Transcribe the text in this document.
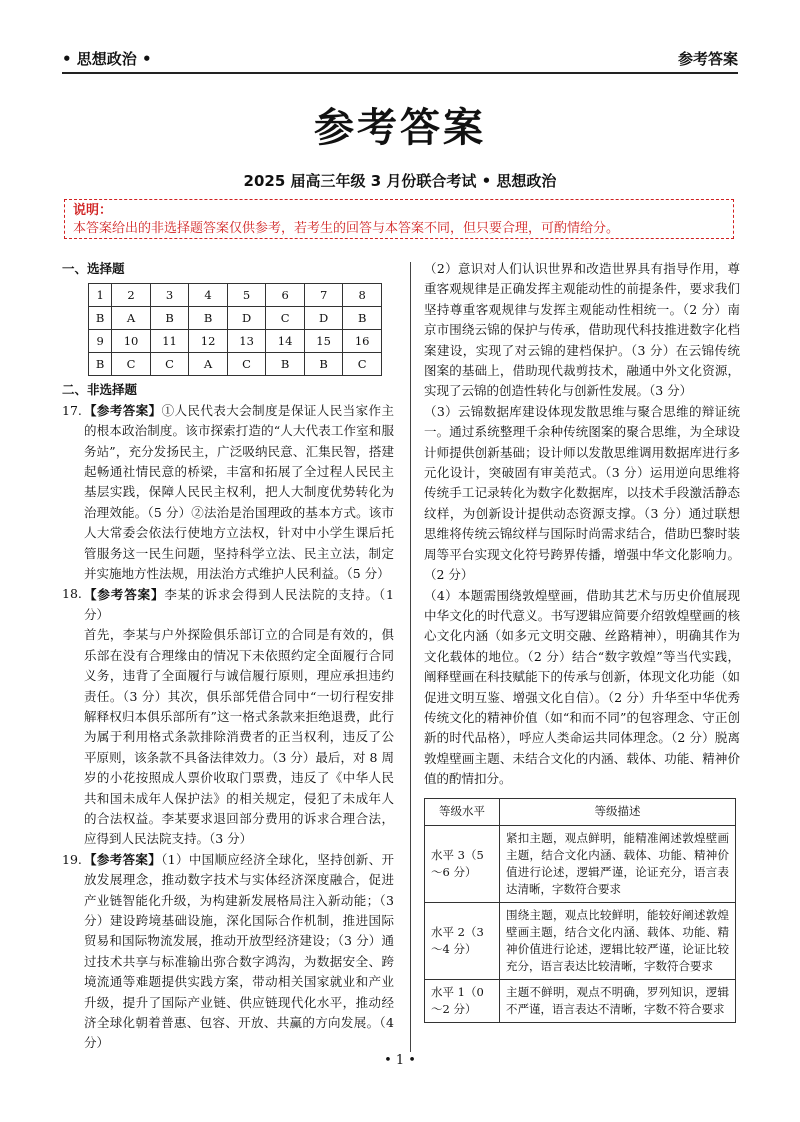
• 思想政治 •	参考答案
参考答案
2025 届高三年级 3 月份联合考试 • 思想政治
说明：
本答案给出的非选择题答案仅供参考，若考生的回答与本答案不同，但只要合理，可酌情给分。
一、选择题
1	2	3	4	5	6	7	8
B	A	B	B	D	C	D	B
9	10	11	12	13	14	15	16
B	C	C	A	C	B	B	C
二、非选择题
17. 【参考答案】①人民代表大会制度是保证人民当家作主的根本政治制度。该市探索打造的“人大代表工作室和服务站”，充分发扬民主，广泛吸纳民意、汇集民智，搭建起畅通社情民意的桥梁，丰富和拓展了全过程人民民主基层实践，保障人民民主权利，把人大制度优势转化为治理效能。（5 分）②法治是治国理政的基本方式。该市人大常委会依法行使地方立法权，针对中小学生课后托管服务这一民生问题，坚持科学立法、民主立法，制定并实施地方性法规，用法治方式维护人民利益。（5 分）
18. 【参考答案】李某的诉求会得到人民法院的支持。（1 分）
首先，李某与户外探险俱乐部订立的合同是有效的，俱乐部在没有合理缘由的情况下未依照约定全面履行合同义务，违背了全面履行与诚信履行原则，理应承担违约责任。（3 分）其次，俱乐部凭借合同中“一切行程安排解释权归本俱乐部所有”这一格式条款来拒绝退费，此行为属于利用格式条款排除消费者的正当权利，违反了公平原则，该条款不具备法律效力。（3 分）最后，对 8 周岁的小花按照成人票价收取门票费，违反了《中华人民共和国未成年人保护法》的相关规定，侵犯了未成年人的合法权益。李某要求退回部分费用的诉求合理合法，应得到人民法院支持。（3 分）
19. 【参考答案】（1）中国顺应经济全球化，坚持创新、开放发展理念，推动数字技术与实体经济深度融合，促进产业链智能化升级，为构建新发展格局注入新动能；（3 分）建设跨境基础设施，深化国际合作机制，推进国际贸易和国际物流发展，推动开放型经济建设；（3 分）通过技术共享与标准输出弥合数字鸿沟，为数据安全、跨境流通等难题提供实践方案，带动相关国家就业和产业升级，提升了国际产业链、供应链现代化水平，推动经济全球化朝着普惠、包容、开放、共赢的方向发展。（4 分）
（2）意识对人们认识世界和改造世界具有指导作用，尊重客观规律是正确发挥主观能动性的前提条件，要求我们坚持尊重客观规律与发挥主观能动性相统一。（2 分）南京市围绕云锦的保护与传承，借助现代科技推进数字化档案建设，实现了对云锦的建档保护。（3 分）在云锦传统图案的基础上，借助现代裁剪技术，融通中外文化资源，实现了云锦的创造性转化与创新性发展。（3 分）
（3）云锦数据库建设体现发散思维与聚合思维的辩证统一。通过系统整理千余种传统图案的聚合思维，为全球设计师提供创新基础；设计师以发散思维调用数据库进行多元化设计，突破固有审美范式。（3 分）运用逆向思维将传统手工记录转化为数字化数据库，以技术手段激活静态纹样，为创新设计提供动态资源支撑。（3 分）通过联想思维将传统云锦纹样与国际时尚需求结合，借助巴黎时装周等平台实现文化符号跨界传播，增强中华文化影响力。（2 分）
（4）本题需围绕敦煌壁画，借助其艺术与历史价值展现中华文化的时代意义。书写逻辑应简要介绍敦煌壁画的核心文化内涵（如多元文明交融、丝路精神），明确其作为文化载体的地位。（2 分）结合“数字敦煌”等当代实践，阐释壁画在科技赋能下的传承与创新，体现文化功能（如促进文明互鉴、增强文化自信）。（2 分）升华至中华优秀传统文化的精神价值（如“和而不同”的包容理念、守正创新的时代品格），呼应人类命运共同体理念。（2 分）脱离敦煌壁画主题、未结合文化的内涵、载体、功能、精神价值的酌情扣分。
等级水平	等级描述
水平 3（5～6 分）	紧扣主题，观点鲜明，能精准阐述敦煌壁画主题，结合文化内涵、载体、功能、精神价值进行论述，逻辑严谨，论证充分，语言表达清晰，字数符合要求
水平 2（3～4 分）	围绕主题，观点比较鲜明，能较好阐述敦煌壁画主题，结合文化内涵、载体、功能、精神价值进行论述，逻辑比较严谨，论证比较充分，语言表达比较清晰，字数符合要求
水平 1（0～2 分）	主题不鲜明，观点不明确，罗列知识，逻辑不严谨，语言表达不清晰，字数不符合要求
• 1 •
